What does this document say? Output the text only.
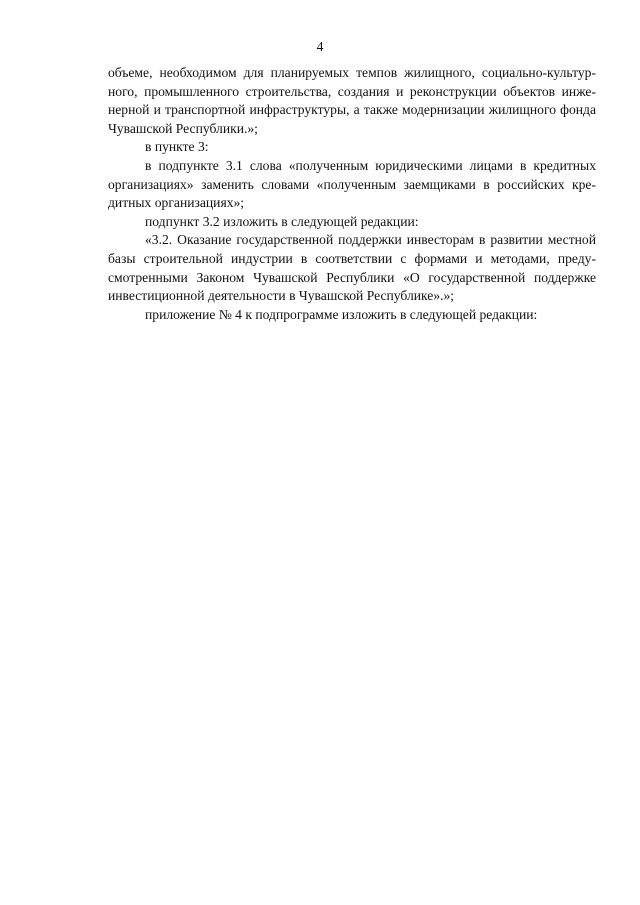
4

объеме, необходимом для планируемых темпов жилищного, социально-культурного, промышленного строительства, создания и реконструкции объектов инженерной и транспортной инфраструктуры, а также модернизации жилищного фонда Чувашской Республики.»;

в пункте 3:

в подпункте 3.1 слова «полученным юридическими лицами в кредитных организациях» заменить словами «полученным заемщиками в российских кредитных организациях»;

подпункт 3.2 изложить в следующей редакции:

«3.2. Оказание государственной поддержки инвесторам в развитии местной базы строительной индустрии в соответствии с формами и методами, предусмотренными Законом Чувашской Республики «О государственной поддержке инвестиционной деятельности в Чувашской Республике».»;

приложение № 4 к подпрограмме изложить в следующей редакции:
